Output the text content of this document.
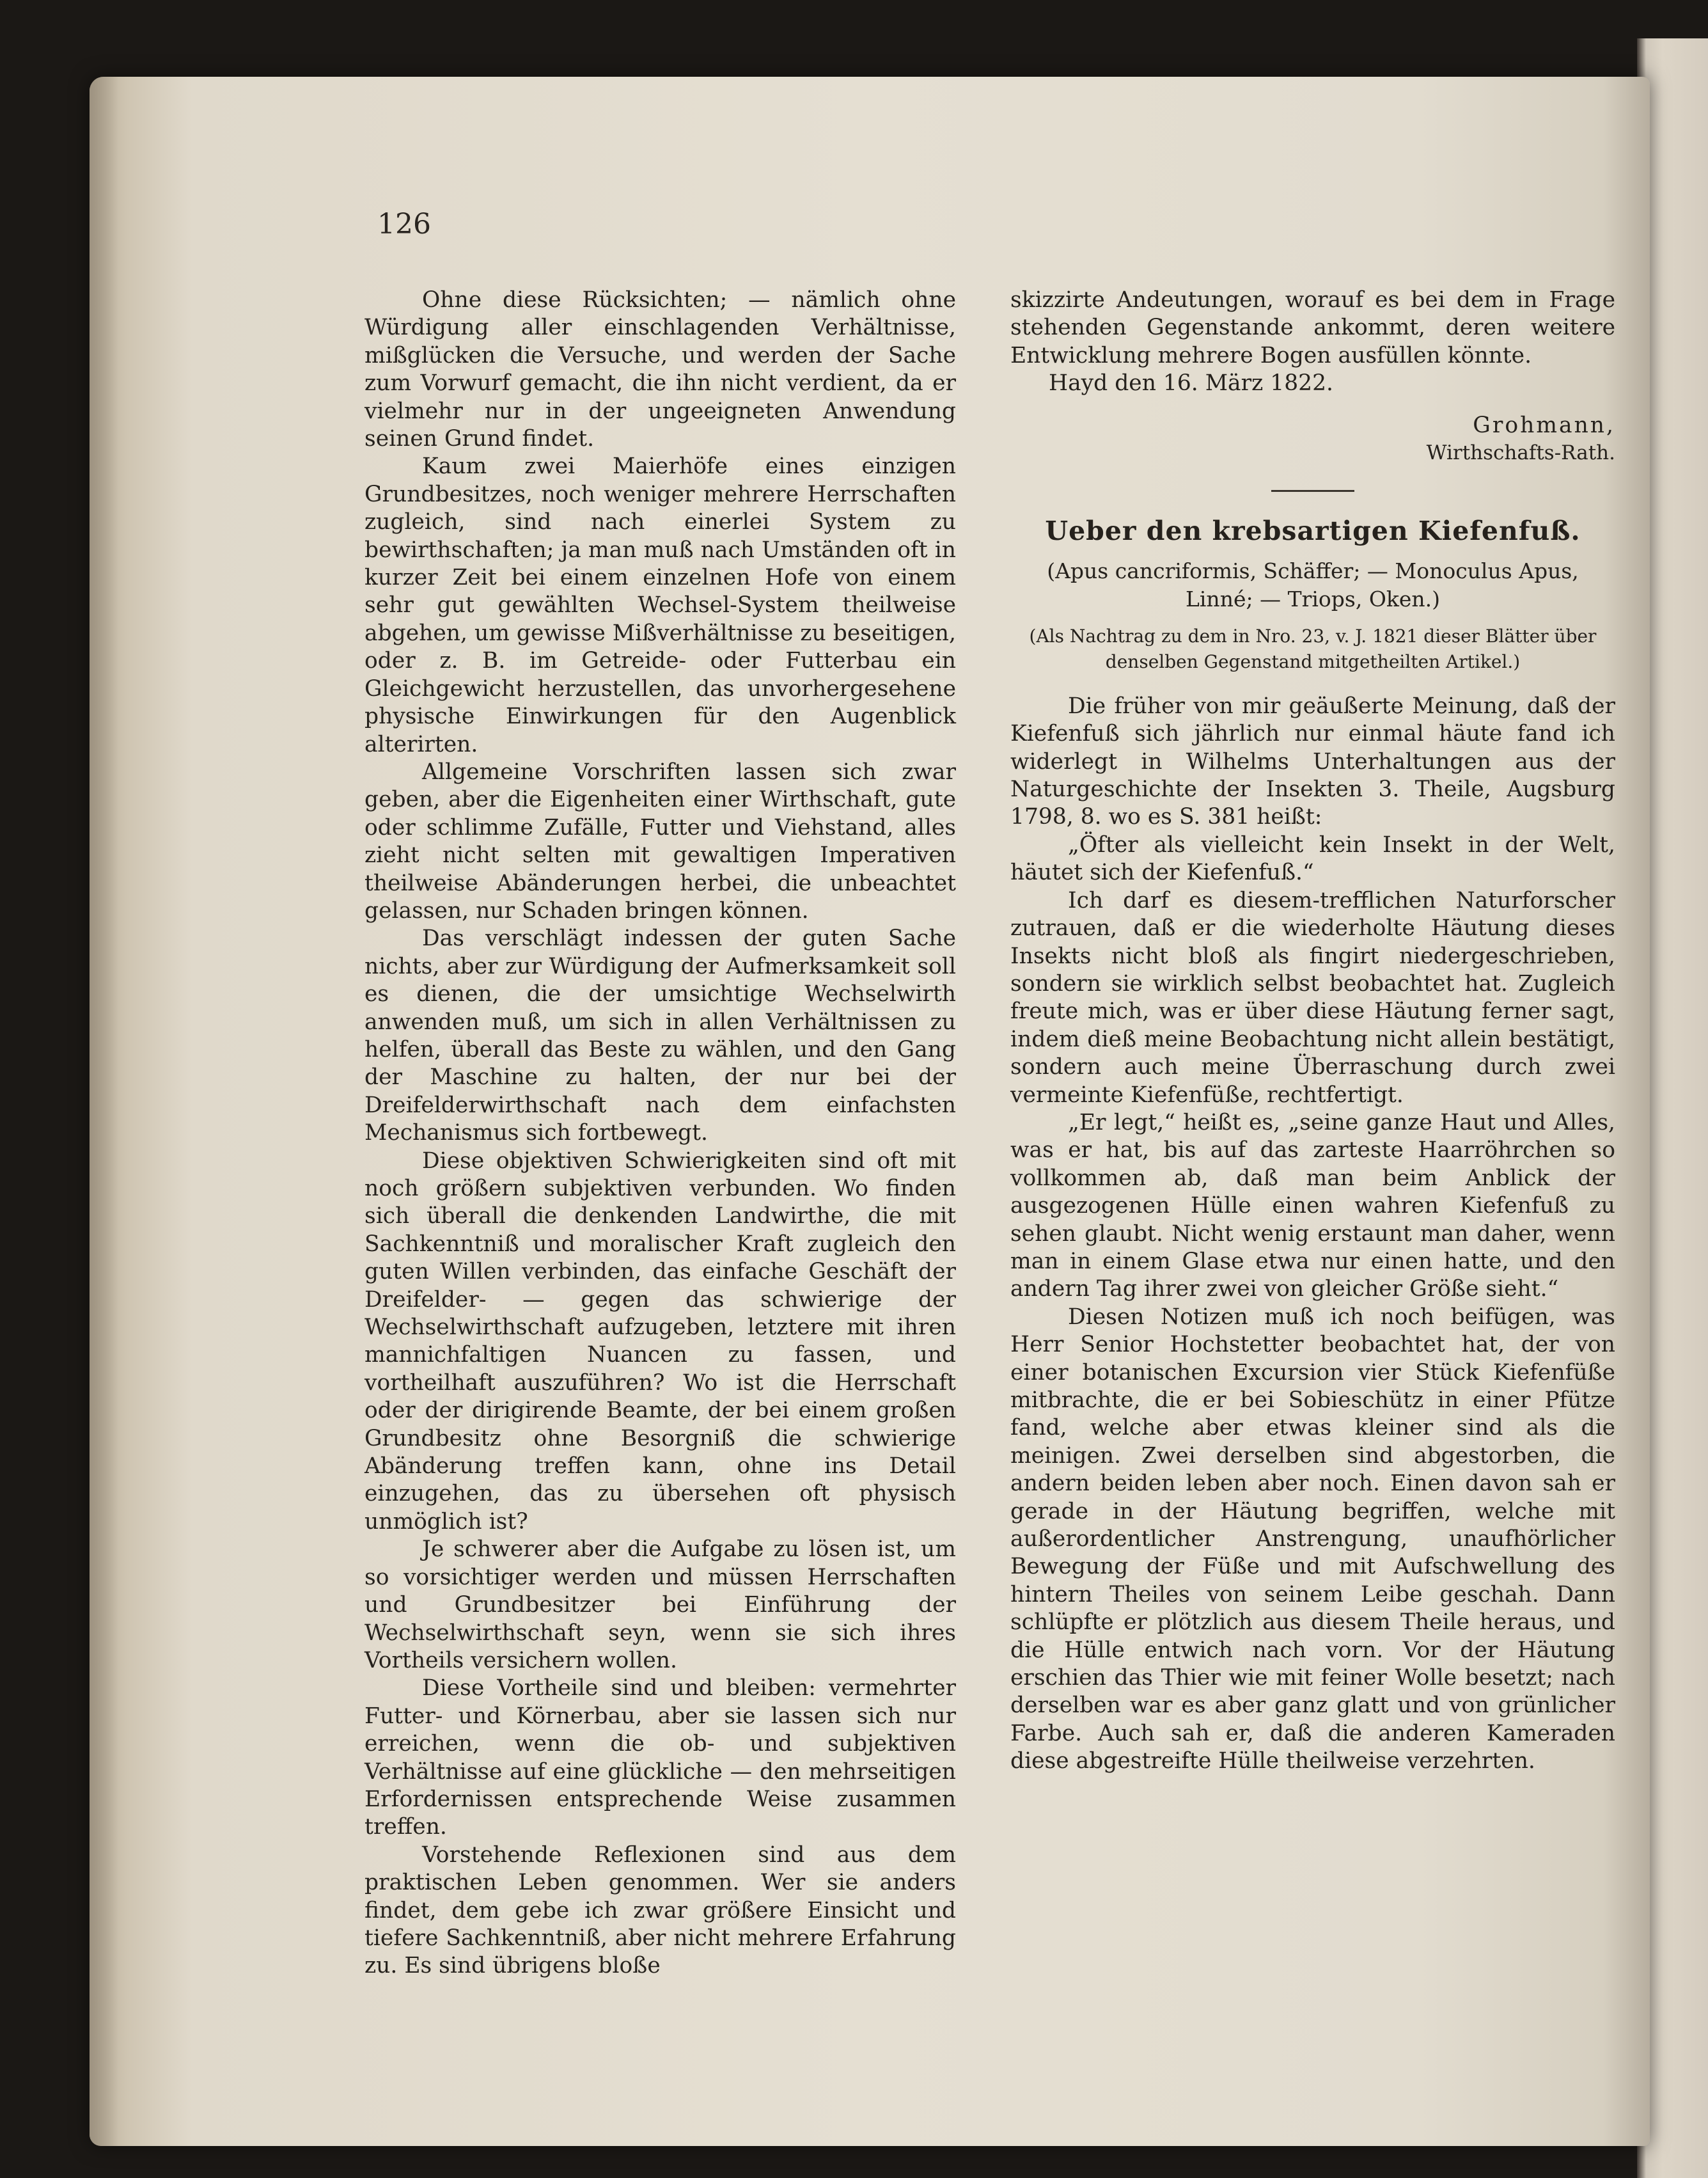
126

Ohne diese Rücksichten; — nämlich ohne Würdigung aller einschlagenden Verhältnisse, mißglücken die Versuche, und werden der Sache zum Vorwurf gemacht, die ihn nicht verdient, da er vielmehr nur in der ungeeigneten Anwendung seinen Grund findet.

Kaum zwei Maierhöfe eines einzigen Grundbesitzes, noch weniger mehrere Herrschaften zugleich, sind nach einerlei System zu bewirthschaften; ja man muß nach Umständen oft in kurzer Zeit bei einem einzelnen Hofe von einem sehr gut gewählten Wechsel-System theilweise abgehen, um gewisse Mißverhältnisse zu beseitigen, oder z. B. im Getreide- oder Futterbau ein Gleichgewicht herzustellen, das unvorhergesehene physische Einwirkungen für den Augenblick alterirten.

Allgemeine Vorschriften lassen sich zwar geben, aber die Eigenheiten einer Wirthschaft, gute oder schlimme Zufälle, Futter und Viehstand, alles zieht nicht selten mit gewaltigen Imperativen theilweise Abänderungen herbei, die unbeachtet gelassen, nur Schaden bringen können.

Das verschlägt indessen der guten Sache nichts, aber zur Würdigung der Aufmerksamkeit soll es dienen, die der umsichtige Wechselwirth anwenden muß, um sich in allen Verhältnissen zu helfen, überall das Beste zu wählen, und den Gang der Maschine zu halten, der nur bei der Dreifelderwirthschaft nach dem einfachsten Mechanismus sich fortbewegt.

Diese objektiven Schwierigkeiten sind oft mit noch größern subjektiven verbunden. Wo finden sich überall die denkenden Landwirthe, die mit Sachkenntniß und moralischer Kraft zugleich den guten Willen verbinden, das einfache Geschäft der Dreifelder- — gegen das schwierige der Wechselwirthschaft aufzugeben, letztere mit ihren mannichfaltigen Nuancen zu fassen, und vortheilhaft auszuführen? Wo ist die Herrschaft oder der dirigirende Beamte, der bei einem großen Grundbesitz ohne Besorgniß die schwierige Abänderung treffen kann, ohne ins Detail einzugehen, das zu übersehen oft physisch unmöglich ist?

Je schwerer aber die Aufgabe zu lösen ist, um so vorsichtiger werden und müssen Herrschaften und Grundbesitzer bei Einführung der Wechselwirthschaft seyn, wenn sie sich ihres Vortheils versichern wollen.

Diese Vortheile sind und bleiben: vermehrter Futter- und Körnerbau, aber sie lassen sich nur erreichen, wenn die ob- und subjektiven Verhältnisse auf eine glückliche — den mehrseitigen Erfordernissen entsprechende Weise zusammen treffen.

Vorstehende Reflexionen sind aus dem praktischen Leben genommen. Wer sie anders findet, dem gebe ich zwar größere Einsicht und tiefere Sachkenntniß, aber nicht mehrere Erfahrung zu. Es sind übrigens bloße

skizzirte Andeutungen, worauf es bei dem in Frage stehenden Gegenstande ankommt, deren weitere Entwicklung mehrere Bogen ausfüllen könnte.

Hayd den 16. März 1822.

Grohmann,
Wirthschafts-Rath.
Ueber den krebsartigen Kiefenfuß.
(Apus cancriformis, Schäffer; — Monoculus Apus, Linné; — Triops, Oken.)
(Als Nachtrag zu dem in Nro. 23, v. J. 1821 dieser Blätter über denselben Gegenstand mitgetheilten Artikel.)

Die früher von mir geäußerte Meinung, daß der Kiefenfuß sich jährlich nur einmal häute fand ich widerlegt in Wilhelms Unterhaltungen aus der Naturgeschichte der Insekten 3. Theile, Augsburg 1798, 8. wo es S. 381 heißt:

„Öfter als vielleicht kein Insekt in der Welt, häutet sich der Kiefenfuß.“

Ich darf es diesem-trefflichen Naturforscher zutrauen, daß er die wiederholte Häutung dieses Insekts nicht bloß als fingirt niedergeschrieben, sondern sie wirklich selbst beobachtet hat. Zugleich freute mich, was er über diese Häutung ferner sagt, indem dieß meine Beobachtung nicht allein bestätigt, sondern auch meine Überraschung durch zwei vermeinte Kiefenfüße, rechtfertigt.

„Er legt,“ heißt es, „seine ganze Haut und Alles, was er hat, bis auf das zarteste Haarröhrchen so vollkommen ab, daß man beim Anblick der ausgezogenen Hülle einen wahren Kiefenfuß zu sehen glaubt. Nicht wenig erstaunt man daher, wenn man in einem Glase etwa nur einen hatte, und den andern Tag ihrer zwei von gleicher Größe sieht.“

Diesen Notizen muß ich noch beifügen, was Herr Senior Hochstetter beobachtet hat, der von einer botanischen Excursion vier Stück Kiefenfüße mitbrachte, die er bei Sobieschütz in einer Pfütze fand, welche aber etwas kleiner sind als die meinigen. Zwei derselben sind abgestorben, die andern beiden leben aber noch. Einen davon sah er gerade in der Häutung begriffen, welche mit außerordentlicher Anstrengung, unaufhörlicher Bewegung der Füße und mit Aufschwellung des hintern Theiles von seinem Leibe geschah. Dann schlüpfte er plötzlich aus diesem Theile heraus, und die Hülle entwich nach vorn. Vor der Häutung erschien das Thier wie mit feiner Wolle besetzt; nach derselben war es aber ganz glatt und von grünlicher Farbe. Auch sah er, daß die anderen Kameraden diese abgestreifte Hülle theilweise verzehrten.
